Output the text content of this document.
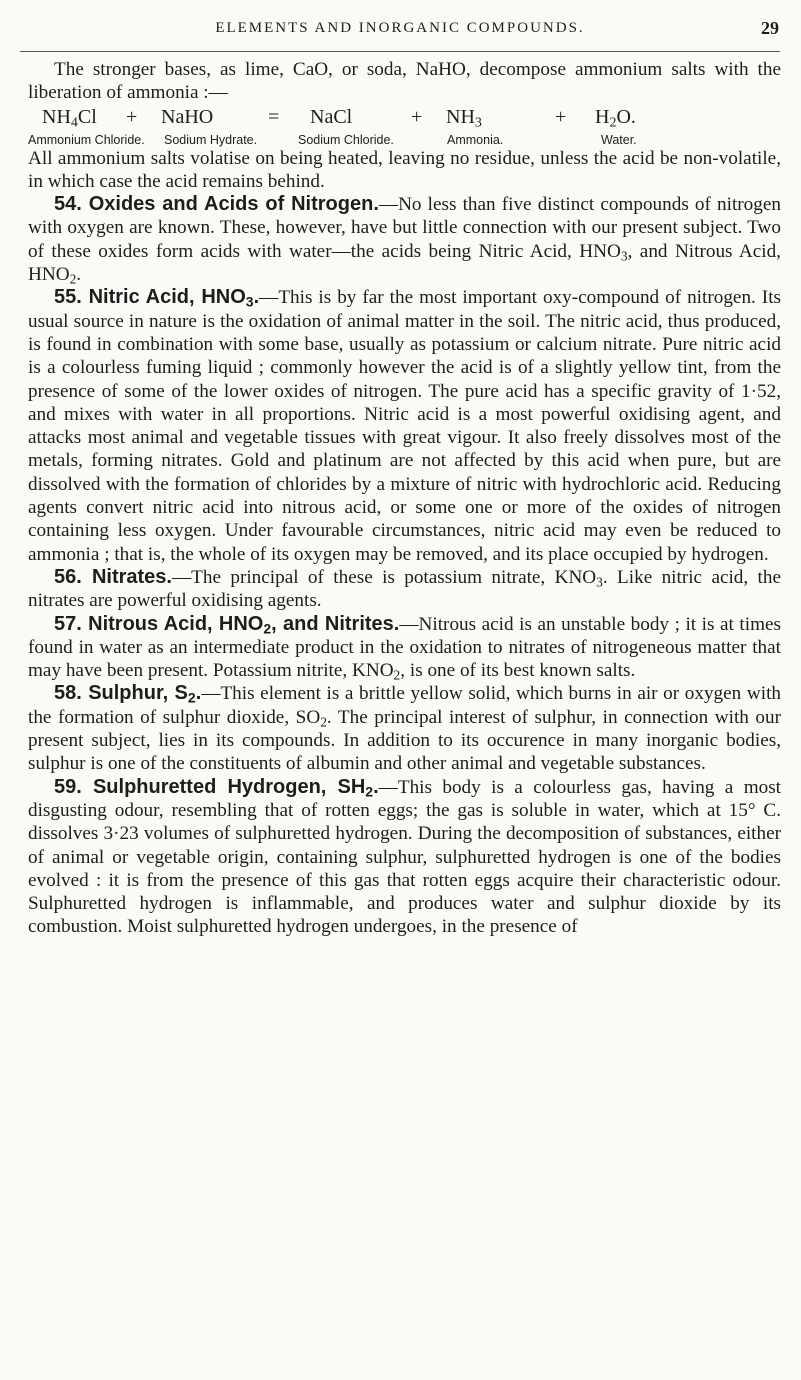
ELEMENTS AND INORGANIC COMPOUNDS.	29

The stronger bases, as lime, CaO, or soda, NaHO, decompose ammonium salts with the liberation of ammonia :—

$NH_4Cl$ + NaHO	= NaCl	+ $NH_3$	+ $H_2O$.
Ammonium Chloride. Sodium Hydrate.	Sodium Chloride.	Ammonia.	Water.

All ammonium salts volatise on being heated, leaving no residue, unless the acid be non-volatile, in which case the acid remains behind.

54. Oxides and Acids of Nitrogen.—No less than five distinct compounds of nitrogen with oxygen are known. These, however, have but little connection with our present subject. Two of these oxides form acids with water—the acids being Nitric Acid, $HNO_3$, and Nitrous Acid, $HNO_2$.

55. Nitric Acid, $HNO_3.—This$ is by far the most important oxy-compound of nitrogen. Its usual source in nature is the oxidation of animal matter in the soil. The nitric acid, thus produced, is found in combination with some base, usually as potassium or calcium nitrate. Pure nitric acid is a colourless fuming liquid ; commonly however the acid is of a slightly yellow tint, from the presence of some of the lower oxides of nitrogen. The pure acid has a specific gravity of 1·52, and mixes with water in all proportions. Nitric acid is a most powerful oxidising agent, and attacks most animal and vegetable tissues with great vigour. It also freely dissolves most of the metals, forming nitrates. Gold and platinum are not affected by this acid when pure, but are dissolved with the formation of chlorides by a mixture of nitric with hydrochloric acid. Reducing agents convert nitric acid into nitrous acid, or some one or more of the oxides of nitrogen containing less oxygen. Under favourable circumstances, nitric acid may even be reduced to ammonia ; that is, the whole of its oxygen may be removed, and its place occupied by hydrogen.

56. Nitrates.—The principal of these is potassium nitrate, $KNO_3$. Like nitric acid, the nitrates are powerful oxidising agents.

57. Nitrous Acid, $HNO_2$, and Nitrites.—Nitrous acid is an unstable body ; it is at times found in water as an intermediate product in the oxidation to nitrates of nitrogeneous matter that may have been present. Potassium nitrite, $KNO_2$, is one of its best known salts.

58. Sulphur, $S_2.—This$ element is a brittle yellow solid, which burns in air or oxygen with the formation of sulphur dioxide, $SO_2$. The principal interest of sulphur, in connection with our present subject, lies in its compounds. In addition to its occurence in many inorganic bodies, sulphur is one of the constituents of albumin and other animal and vegetable substances.

59. Sulphuretted Hydrogen, $SH_2.—This$ body is a colourless gas, having a most disgusting odour, resembling that of rotten eggs; the gas is soluble in water, which at 15° C. dissolves 3·23 volumes of sulphuretted hydrogen. During the decomposition of substances, either of animal or vegetable origin, containing sulphur, sulphuretted hydrogen is one of the bodies evolved : it is from the presence of this gas that rotten eggs acquire their characteristic odour. Sulphuretted hydrogen is inflammable, and produces water and sulphur dioxide by its combustion. Moist sulphuretted hydrogen undergoes, in the presence of
